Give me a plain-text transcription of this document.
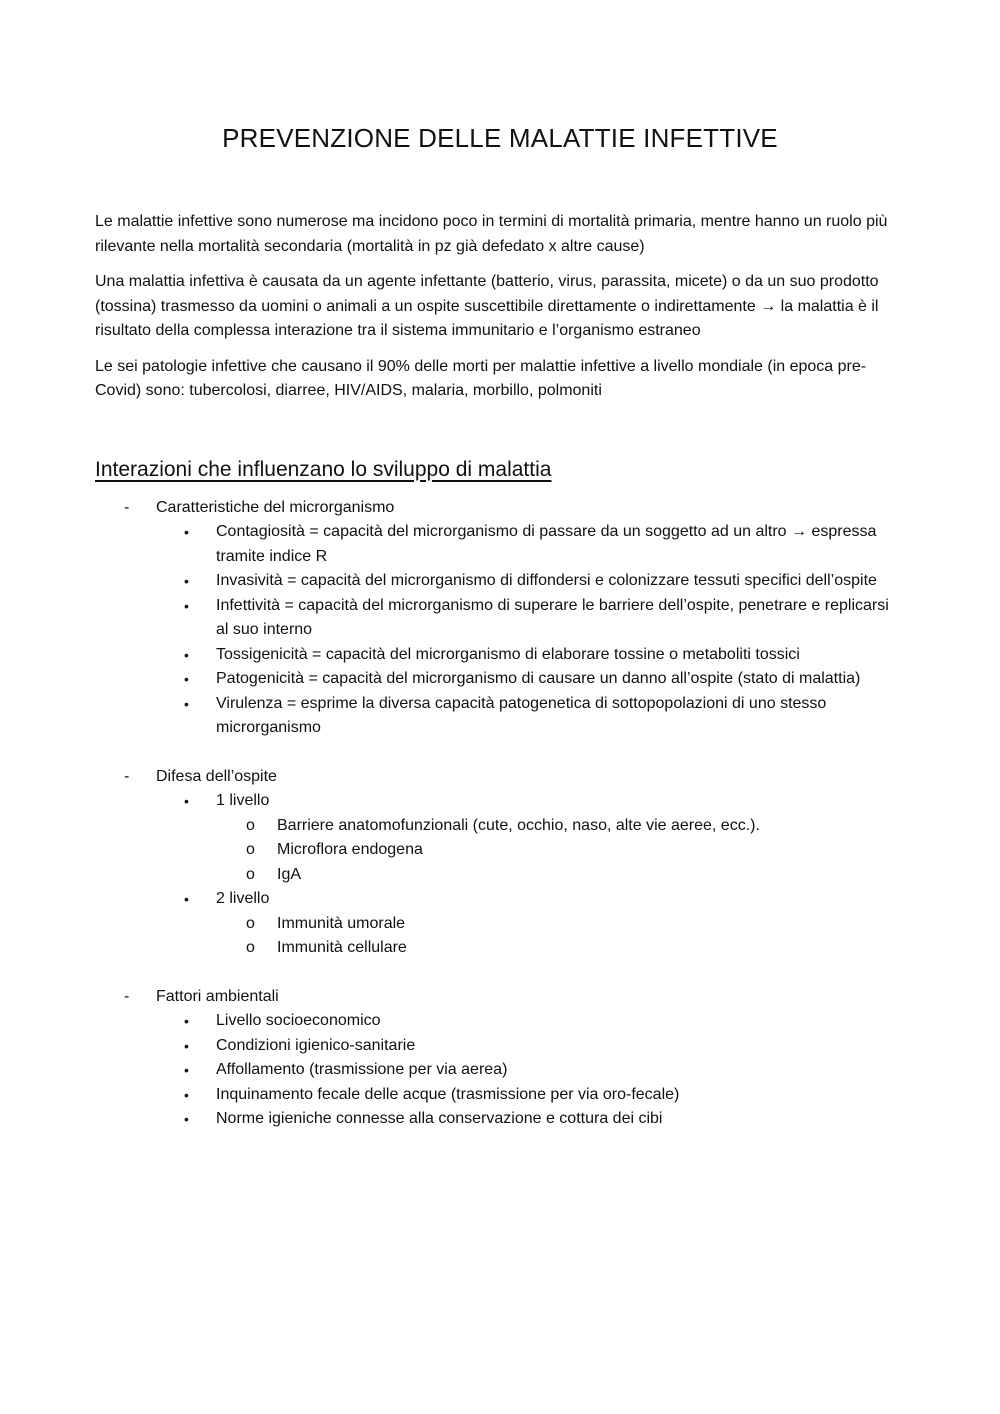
PREVENZIONE DELLE MALATTIE INFETTIVE

Le malattie infettive sono numerose ma incidono poco in termini di mortalità primaria, mentre hanno un ruolo più rilevante nella mortalità secondaria (mortalità in pz già defedato x altre cause)

Una malattia infettiva è causata da un agente infettante (batterio, virus, parassita, micete) o da un suo prodotto (tossina) trasmesso da uomini o animali a un ospite suscettibile direttamente o indirettamente → la malattia è il risultato della complessa interazione tra il sistema immunitario e l’organismo estraneo

Le sei patologie infettive che causano il 90% delle morti per malattie infettive a livello mondiale (in epoca pre-Covid) sono: tubercolosi, diarree, HIV/AIDS, malaria, morbillo, polmoniti

Interazioni che influenzano lo sviluppo di malattia
- Caratteristiche del microrganismo
• Contagiosità = capacità del microrganismo di passare da un soggetto ad un altro → espressa tramite indice R
• Invasività = capacità del microrganismo di diffondersi e colonizzare tessuti specifici dell’ospite
• Infettività = capacità del microrganismo di superare le barriere dell’ospite, penetrare e replicarsi al suo interno
• Tossigenicità = capacità del microrganismo di elaborare tossine o metaboliti tossici
• Patogenicità = capacità del microrganismo di causare un danno all’ospite (stato di malattia)
• Virulenza = esprime la diversa capacità patogenetica di sottopopolazioni di uno stesso microrganismo
- Difesa dell’ospite
• 1 livello
o Barriere anatomofunzionali (cute, occhio, naso, alte vie aeree, ecc.).
o Microflora endogena
o IgA
• 2 livello
o Immunità umorale
o Immunità cellulare
- Fattori ambientali
• Livello socioeconomico
• Condizioni igienico-sanitarie
• Affollamento (trasmissione per via aerea)
• Inquinamento fecale delle acque (trasmissione per via oro-fecale)
• Norme igieniche connesse alla conservazione e cottura dei cibi
